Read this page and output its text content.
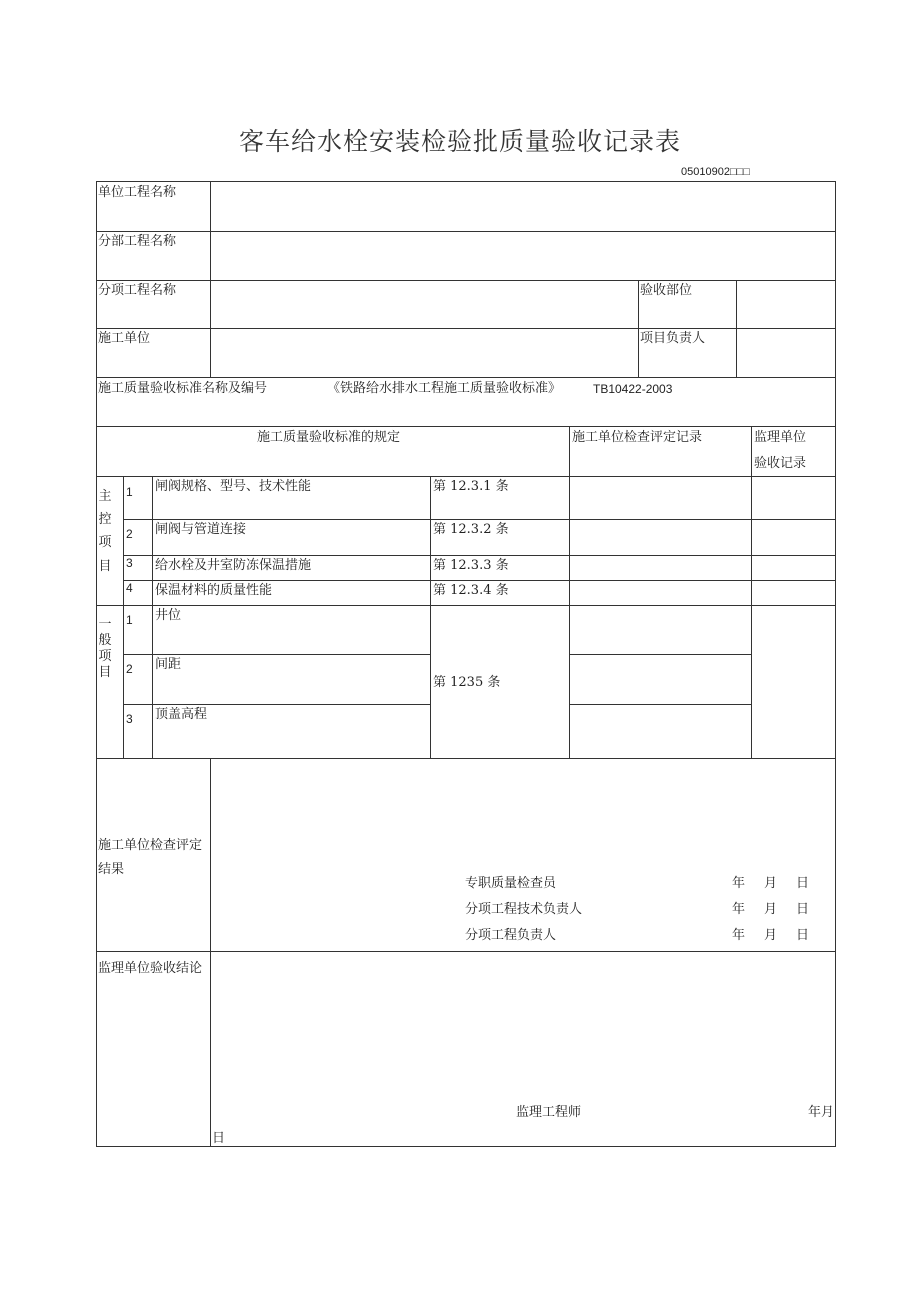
客车给水栓安装检验批质量验收记录表
05010902□□□
单位工程名称
分部工程名称
分项工程名称	验收部位
施工单位	项目负责人
施工质量验收标准名称及编号	《铁路给水排水工程施工质量验收标准》	TB10422-2003
施工质量验收标准的规定	施工单位检查评定记录	监理单位
验收记录
主
控
项
目
1 闸阀规格、型号、技术性能	第 12.3.1 条
2 闸阀与管道连接	第 12.3.2 条
3 给水栓及井室防冻保温措施	第 12.3.3 条
4 保温材料的质量性能	第 12.3.4 条
一
般
项
目
1 井位
2 间距
3 顶盖高程
第 1235 条
施工单位检查评定
结果
专职质量检查员	年 月 日
分项工程技术负责人	年 月 日
分项工程负责人	年 月 日
监理单位验收结论
监理工程师	年月
日
